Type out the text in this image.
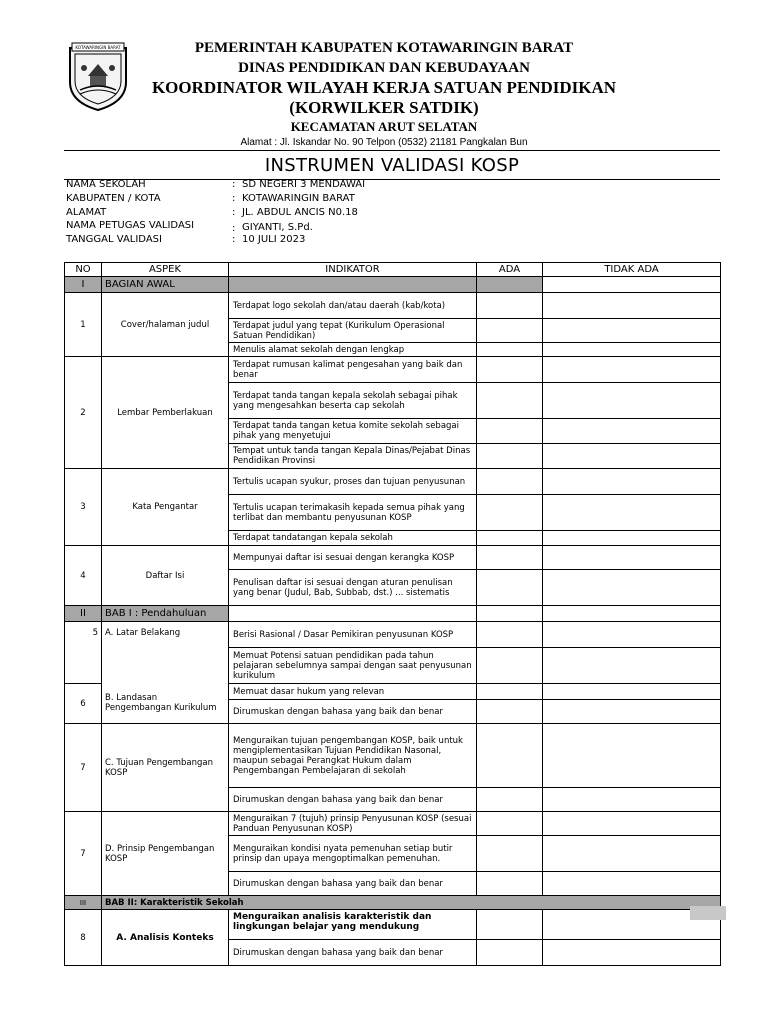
KOTAWARINGIN BARAT	PEMERINTAH KABUPATEN KOTAWARINGIN BARAT
DINAS PENDIDIKAN DAN KEBUDAYAAN
KOORDINATOR WILAYAH KERJA SATUAN PENDIDIKAN
(KORWILKER SATDIK)
KECAMATAN ARUT SELATAN
Alamat : Jl. Iskandar No. 90 Telpon (0532) 21181 Pangkalan Bun
INSTRUMEN VALIDASI KOSP
NAMA SEKOLAH	: SD NEGERI 3 MENDAWAI
KABUPATEN / KOTA	: KOTAWARINGIN BARAT
ALAMAT	: JL. ABDUL ANCIS N0.18
NAMA PETUGAS VALIDASI	: GIYANTI, S.Pd.
TANGGAL VALIDASI	: 10 JULI 2023
NO	ASPEK	INDIKATOR	ADA	TIDAK ADA
I	BAGIAN AWAL			
1	Cover/halaman judul	Terdapat logo sekolah dan/atau daerah (kab/kota)		
		Terdapat judul yang tepat (Kurikulum Operasional Satuan Pendidikan)		
		Menulis alamat sekolah dengan lengkap		
2	Lembar Pemberlakuan	Terdapat rumusan kalimat pengesahan yang baik dan benar		
		Terdapat tanda tangan kepala sekolah sebagai pihak yang mengesahkan beserta cap sekolah		
		Terdapat tanda tangan ketua komite sekolah sebagai pihak yang menyetujui		
		Tempat untuk tanda tangan Kepala Dinas/Pejabat Dinas Pendidikan Provinsi		
3	Kata Pengantar	Tertulis ucapan syukur, proses dan tujuan penyusunan		
		Tertulis ucapan terimakasih kepada semua pihak yang terlibat dan membantu penyusunan KOSP		
		Terdapat tandatangan kepala sekolah		
4	Daftar Isi	Mempunyai daftar isi sesuai dengan kerangka KOSP		
		Penulisan daftar isi sesuai dengan aturan penulisan yang benar (Judul, Bab, Subbab, dst.) ... sistematis		
II	BAB I : Pendahuluan			
5	A. Latar Belakang	Berisi Rasional / Dasar Pemikiran penyusunan KOSP		
		Memuat Potensi satuan pendidikan pada tahun pelajaran sebelumnya sampai dengan saat penyusunan kurikulum		
6	B. Landasan Pengembangan Kurikulum	Memuat dasar hukum yang relevan		
		Dirumuskan dengan bahasa yang baik dan benar		
7	C. Tujuan Pengembangan KOSP	Menguraikan tujuan pengembangan KOSP, baik untuk mengiplementasikan Tujuan Pendidikan Nasonal, maupun sebagai Perangkat Hukum dalam Pengembangan Pembelajaran di sekolah		
		Dirumuskan dengan bahasa yang baik dan benar		
7	D. Prinsip Pengembangan KOSP	Menguraikan 7 (tujuh) prinsip Penyusunan KOSP (sesuai Panduan Penyusunan KOSP)		
		Menguraikan kondisi nyata pemenuhan setiap butir prinsip dan upaya mengoptimalkan pemenuhan.		
		Dirumuskan dengan bahasa yang baik dan benar		
III	BAB II: Karakteristik Sekolah			
8	A. Analisis Konteks	Menguraikan analisis karakteristik dan lingkungan belajar yang mendukung		
		Dirumuskan dengan bahasa yang baik dan benar		
